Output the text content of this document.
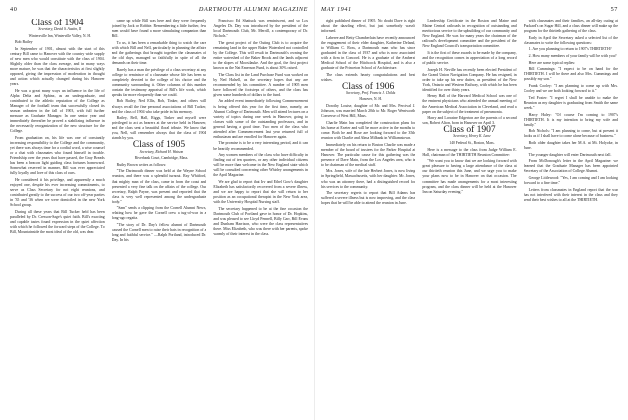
40	DARTMOUTH ALUMNI MAGAZINE
Class of 1904

Secretary, David S. Austin, II

Wintersville Inn, Winterville Valley, N. H.

Bob Bailey

In September of 1901, almost with the start of this century Bill came to Hanover with the country wide supply of new men who would constitute with the class of 1904. Slightly older than the class average, and in many ways more mature, he was that the characteristics at first slightly opposed, giving the impression of moderation in thought and action which actually changed during his Hanover years.

He was a great many ways an influence in the life of Alpha Delta and Sphinx, as an undergraduate, and contributed to the athletic reputation of the College as Manager of the football team that successfully closed its season unbeaten in the fall of 1903, with full further measure as Graduate Manager. In one senior year and immediately thereafter he proved a stabilizing influence in the necessarily reorganization of the new structure for the College.

From graduation on, his life was one of constantly increasing responsibility to the College and the community, yet there was always time for a cordial word, a wise counsel or a chat with classmates who found himself in trouble. Friendship over the years that have passed, the Gray Breads has been a beacon light guiding class fortunes homeward. Somewhat reserved in manner, Bill was ever appreciated fully loyally and love of this class of ours.

He considered it his privilege, and apparently a much enjoyed one, despite his ever increasing commitments, to serve as Class Secretary for not eight reunions, and contributed greatly to the success of our two off-year parties in '35 and '36 when we were domiciled in the new York School group.

During all these years that Bill Tucker held has been paralleled by Dr. Cresson-Sage's quiet faith. Bill's exacting and capable tastes found expression in the quiet affection with which he followed the forward steps of the College. To Bill, Mountainside the most ideal of the old, was dear.

came up while Bill was here and they were frequently joined by Jack or Robbie. Remembering a little further, few men would have found a more stimulating companion than Bill.

To us, it has been a remarkable thing to watch the care with which Bill and Nell, particularly in planning the affairs and the gatherings that brought together the classmates of the old days, managed so faithfully in spite of all the demands on their time.

Rarely has a man the privilege of a class secretary at any college to reminisce of a classmate whose life has been so completely devoted to the college of his choice and the community surrounding it. Other columns of this number contain the testimony appraisal of Bill's life work, which speaks far more eloquently than we could.

Bob Bailey, Ned Ellis, Bob, Tinker, and others will always recall the fine personal associations of Bill Tucker, and the class of 1904 who take pride in his memory.

Bailey, Bell, Hall, Riggs, Tinker and myself were privileged to act as bearers at the service held in Hanover, and the class sent a beautiful floral tribute. We know that you, Nell, will remember always that the class of 1904 stands by you.

Class of 1905

Secretary, Richard H. Watson

Riverbank Court, Cambridge, Mass.

Ruthy Brown writes as follows:

"The Dartmouth dinner was held at the Wayne School reunion, and there was a splendid turnout. Ray Whitford, that mighty man of the class, came in from the coast and presented a very fine talk on the affairs of the college. Our secretary, Ralph Payne, was present and reported that the class is very well represented among the undergraduate body."

"Sam" sends a clipping from the Cornell Alumni News, relating how he gave the Cornell crew a tug-of-war in a long-ago regatta.

"The story of Dr. Day's fellow alumni of Dartmouth caused the Cornell men to raise their hats in recognition of a long and faithful service." —Ralph Portland, introduced Dr. Day. In his

Francisco Ed Shattuck was reminiscent, and so Los Angeles Dr. Day was introduced by the president of the local Dartmouth Club, Mr. Merrill, a contemporary of Dr. Nichols."

The great project of the Outing Club is to acquire the remaining land in the upper Baker Watershed not controlled by the College. This will result in Dartmouth's owning the entire watershed of the Baker Brook and the lands adjacent to the slopes of Moosilauke. And the goal, the first project known as the Nat Emerson Fund, is about 30% raised.

The Class list in the Land Purchase Fund was worked on by Ned Halsell, as the secretary hopes that any are recommended by his committee. A number of 1905 men have followed the footsteps of others, and the class has given some hundreds of dollars to the fund.

An added event immediately following Commencement is being offered this year for the first time, namely, an Alumni College of Dartmouth. Men will attend lectures on a variety of topics during one week in Hanover, going to classes with some of the outstanding professors, and in general having a good time. Two men of the class who attended after Commencement last year returned full of enthusiasm and are enrolled for Hanover again.

The promise is to be a very interesting period, and it can be heartily recommended.

Any women members of the class who have difficulty in finding out of ten quarters, or any other individual citizens will be more than welcome in the New England state which will be consulted concerning other Whirley arrangements in the April Magazine.

We are glad to report that Irv and Ethel Gow's daughter Elizabeth has satisfactorily recovered from a severe illness, and we are happy to report that she will return to her position as an occupational therapist in the New York area, with the University Hospital Nursing staff.

The secretary happened to be at the fine occasion the Dartmouth Club of Portland gave in honor of Dr. Hopkins, and was pleased to see Lloyd Pennell, Billy Carr, Bill Evans and Dunham Harrison, who were the class representatives there. Miss Elizabeth, who was there with her parents, spoke warmly of their interest in the class.

MAY 1941	57

right published dinner of 1905. No doubt Dave is right about the dazzling effect, but just somebody wasn't informed.

Laberee and Betty Chamberlain have recently announced the engagement of their elder daughter, Katherine Deland, to William C. Ross, a Dartmouth man who has since graduated in the class of 1937 and who is now associated with a firm in Concord. He is a graduate of the Amherst Medical School of the Hitchcock Hospital, and is also a graduate of the Princeton School of Architecture.

The class extends hearty congratulations and best wishes.

Class of 1906

Secretary, Prof. Francis J. Childs

Hanover, N. H.

Dorothy Louise, daughter of Mr. and Mrs. Percival J. Johnson, was married March 20th to Mr. Roger Wentworth Converse of West Hill, Mass.

Charlie Main has completed the construction plans for his home at Exeter and will be more active in the months to come. Both he and Rose are looking forward to the 35th reunion with Charlie and Alma Milbank in Williamstown.

Immediately on his return to Boston Charlie was made a member of the board of trustees for the Parker Hospital at Hanover. The particular cause for this gathering was the presence of Dave Main, from the Los Angeles area, who is to be chairman of the medical staff.

Mrs. Jones, wife of the late Herbert Jones, is now living in Springfield, Massachusetts, with her daughter. Mr. Jones, who was an attorney there, had a distinguished record for his services to the community.

The secretary regrets to report that Bill Adams has suffered a severe illness but is now improving, and the class hopes that he will be able to attend the reunion in June.

Leadership Certificate in the Boston and Maine and Maine Central railroads in recognition of outstanding and meritorious service to the upbuilding of our community and New England. He was for many years the chairman of the railroad's development committee and the president of the New England Council's transportation committee.

It is the first of these awards to be made by the company, and the recognition comes in appreciation of a long record of public service.

Joseph H. Neville has recently been elected President of the Grand Union Navigation Company. He has resigned, in order to take up his new duties, as president of the New York, Ontario and Western Railway, with which he has been identified for over thirty years.

Henry Hall of the Harvard Medical School was one of the eminent physicians who attended the annual meeting of the American Medical Association in Cleveland, and read a paper on the subject of the treatment of pneumonia.

Harry and Lorraine Edgerton are the parents of a second son, Robert Alton, born in Hanover on April 3.

Class of 1907

Secretary, Henry K. Lane

140 Federal St., Boston, Mass.

Here is a message to the class from Judge William E. Hall, chairman of the THIRTIETH Reunion Committee:

"We want you to know that we are looking forward with great pleasure to having a large attendance of the class at our thirtieth reunion this June, and we urge you to make your plans now to be in Hanover on that occasion. The committee has made arrangements for a most interesting program, and the class dinner will be held at the Hanover Inn on Saturday evening."

with classmates and their families, an all-day outing at Packard's on Sugar Hill, and a class dinner will make up the program for the thirtieth gathering of the class.

Early in April the Secretary asked a selected list of the classmates to write the following questions:

1. Are you planning to return to 1907's THIRTIETH?

2. How many members of your family will be with you?

Here are some typical replies:

Bill Cummings: "I expect to be on hand for the THIRTIETH. I will be there and also Mrs. Cummings and possibly my son."

Frank Cooley: "I am planning to come up with Mrs. Cooley and we are both looking forward to it."

Ted Foster: "I regret I shall be unable to make the Reunion as my daughter is graduating from Smith the same week."

Harry Haley: "Of course I'm coming to 1907's THIRTIETH. It is my intention to bring my wife and family."

Bob Nichols: "I am planning to come, but at present it looks as if I shall have to come alone because of business."

Both older daughter takes her M.A. at Mt. Holyoke, in June.

The younger daughter will enter Dartmouth next fall.

From McDonough's letter in the April Magazine: we learned that the Graduate Manager has been appointed Secretary of the Association of College Alumni.

George Littlewood: "Yes, I am coming and I am looking forward to a fine time."

Letters from classmates in England report that the war has not interfered with their interest in the class and they send their best wishes to all at the THIRTIETH.
